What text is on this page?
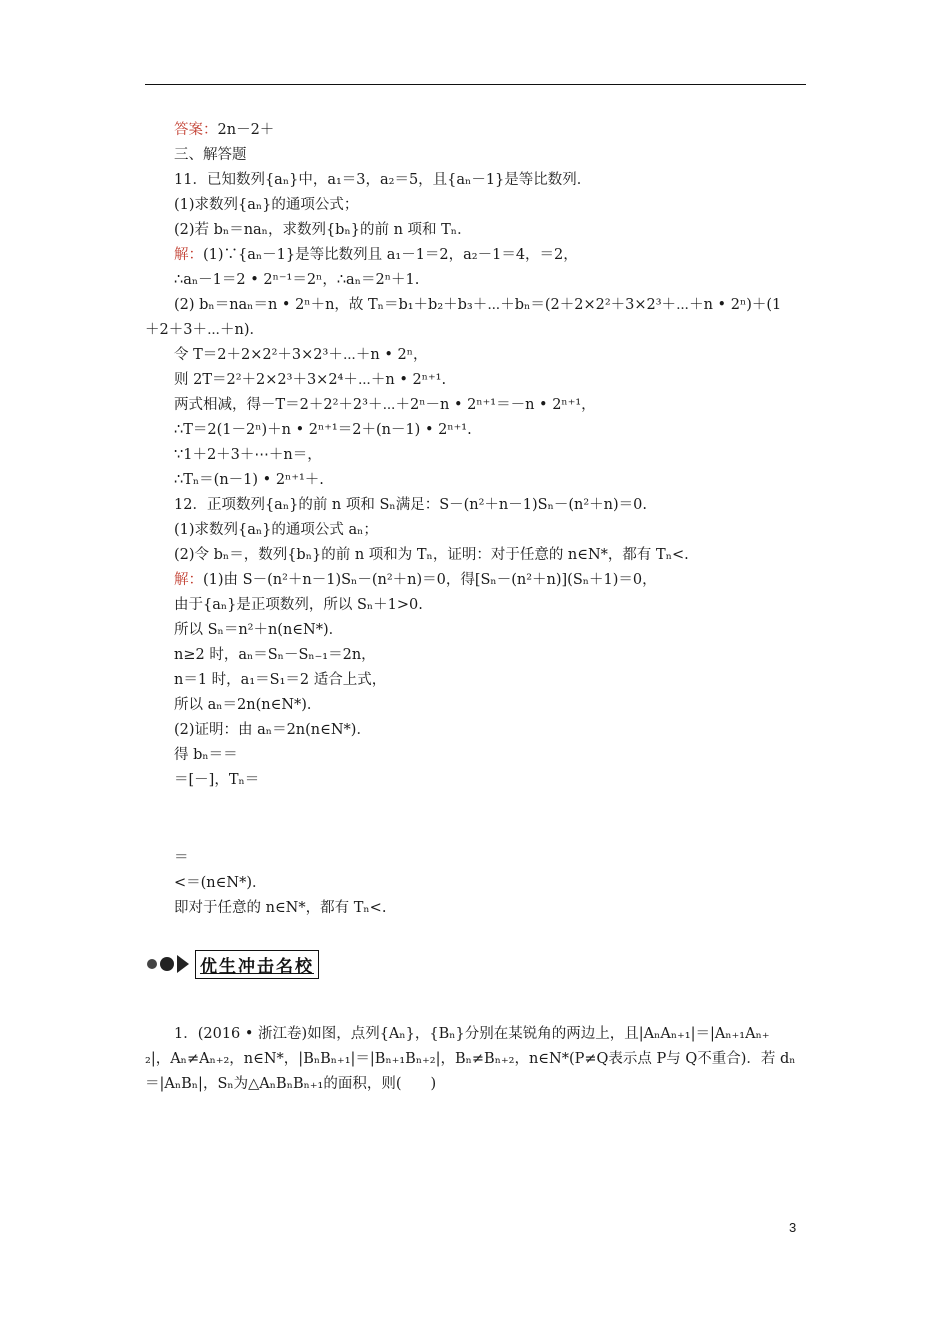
答案：2n－2＋
三、解答题
11．已知数列{aₙ}中，a₁＝3，a₂＝5，且{aₙ－1}是等比数列．
(1)求数列{aₙ}的通项公式；
(2)若 bₙ＝naₙ，求数列{bₙ}的前 n 项和 Tₙ．
解：(1)∵{aₙ－1}是等比数列且 a₁－1＝2，a₂－1＝4，＝2，
∴aₙ－1＝2 • 2ⁿ⁻¹＝2ⁿ，∴aₙ＝2ⁿ＋1.
(2) bₙ＝naₙ＝n • 2ⁿ＋n，故 Tₙ＝b₁＋b₂＋b₃＋⋯＋bₙ＝(2＋2×2²＋3×2³＋⋯＋n • 2ⁿ)＋(1
＋2＋3＋⋯＋n)．
令 T＝2＋2×2²＋3×2³＋⋯＋n • 2ⁿ，
则 2T＝2²＋2×2³＋3×2⁴＋⋯＋n • 2ⁿ⁺¹.
两式相减，得－T＝2＋2²＋2³＋⋯＋2ⁿ－n • 2ⁿ⁺¹＝－n • 2ⁿ⁺¹，
∴T＝2(1－2ⁿ)＋n • 2ⁿ⁺¹＝2＋(n－1) • 2ⁿ⁺¹.
∵1＋2＋3＋⋯＋n＝，
∴Tₙ＝(n－1) • 2ⁿ⁺¹＋.
12．正项数列{aₙ}的前 n 项和 Sₙ满足：S－(n²＋n－1)Sₙ－(n²＋n)＝0.
(1)求数列{aₙ}的通项公式 aₙ；
(2)令 bₙ＝，数列{bₙ}的前 n 项和为 Tₙ，证明：对于任意的 n∈N*，都有 Tₙ<.
解：(1)由 S－(n²＋n－1)Sₙ－(n²＋n)＝0，得[Sₙ－(n²＋n)](Sₙ＋1)＝0，
由于{aₙ}是正项数列，所以 Sₙ＋1>0.
所以 Sₙ＝n²＋n(n∈N*)．
n≥2 时，aₙ＝Sₙ－Sₙ₋₁＝2n，
n＝1 时，a₁＝S₁＝2 适合上式，
所以 aₙ＝2n(n∈N*)．
(2)证明：由 aₙ＝2n(n∈N*)．
得 bₙ＝＝
＝[－]，Tₙ＝
＝
<＝(n∈N*)．
即对于任意的 n∈N*，都有 Tₙ<.
优生冲击名校
1．(2016 • 浙江卷)如图，点列{Aₙ}，{Bₙ}分别在某锐角的两边上，且|AₙAₙ₊₁|＝|Aₙ₊₁Aₙ₊
₂|，Aₙ≠Aₙ₊₂，n∈N*，|BₙBₙ₊₁|＝|Bₙ₊₁Bₙ₊₂|，Bₙ≠Bₙ₊₂，n∈N*(P≠Q表示点 P与 Q不重合)．若 dₙ
＝|AₙBₙ|，Sₙ为△AₙBₙBₙ₊₁的面积，则(　　)
3
